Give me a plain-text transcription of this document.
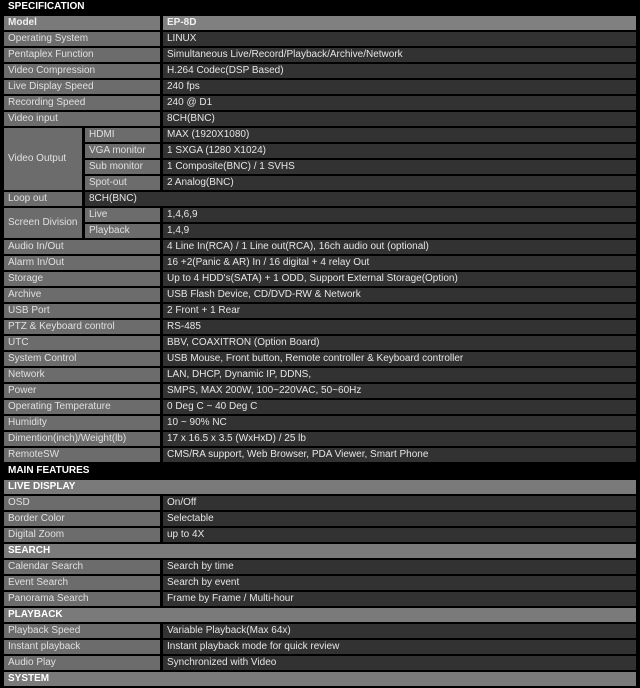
SPECIFICATION		
Model		EP-8D
Operating System		LINUX
Pentaplex Function		Simultaneous Live/Record/Playback/Archive/Network
Video Compression		H.264 Codec(DSP Based)
Live Display Speed		240 fps
Recording Speed		240 @ D1
Video input		8CH(BNC)
Video Output	HDMI	MAX (1920X1080)
	VGA monitor	1 SXGA (1280 X1024)
	Sub monitor	1 Composite(BNC) / 1 SVHS
	Spot-out	2 Analog(BNC)
Loop out	8CH(BNC)	
Screen Division	Live	1,4,6,9
	Playback	1,4,9
Audio In/Out		4 Line In(RCA) / 1 Line out(RCA), 16ch audio out (optional)
Alarm In/Out		16 +2(Panic & AR) In / 16 digital + 4 relay Out
Storage		Up to 4 HDD's(SATA) + 1 ODD, Support External Storage(Option)
Archive		USB Flash Device, CD/DVD-RW & Network
USB Port		2 Front + 1 Rear
PTZ & Keyboard control		RS-485
UTC		BBV, COAXITRON (Option Board)
System Control		USB Mouse, Front button, Remote controller & Keyboard controller
Network		LAN, DHCP, Dynamic IP, DDNS,
Power		SMPS, MAX 200W, 100~220VAC, 50~60Hz
Operating Temperature		0 Deg C ~ 40 Deg C
Humidity		10 ~ 90% NC
Dimention(inch)/Weight(lb)		17 x 16.5 x 3.5 (WxHxD) / 25 lb
RemoteSW		CMS/RA support, Web Browser, PDA Viewer, Smart Phone
MAIN FEATURES		
LIVE DISPLAY		
OSD		On/Off
Border Color		Selectable
Digital Zoom		up to 4X
SEARCH		
Calendar Search		Search by time
Event Search		Search by event
Panorama Search		Frame by Frame / Multi-hour
PLAYBACK		
Playback Speed		Variable Playback(Max 64x)
Instant playback		Instant playback mode for quick review
Audio Play		Synchronized with Video
SYSTEM		
